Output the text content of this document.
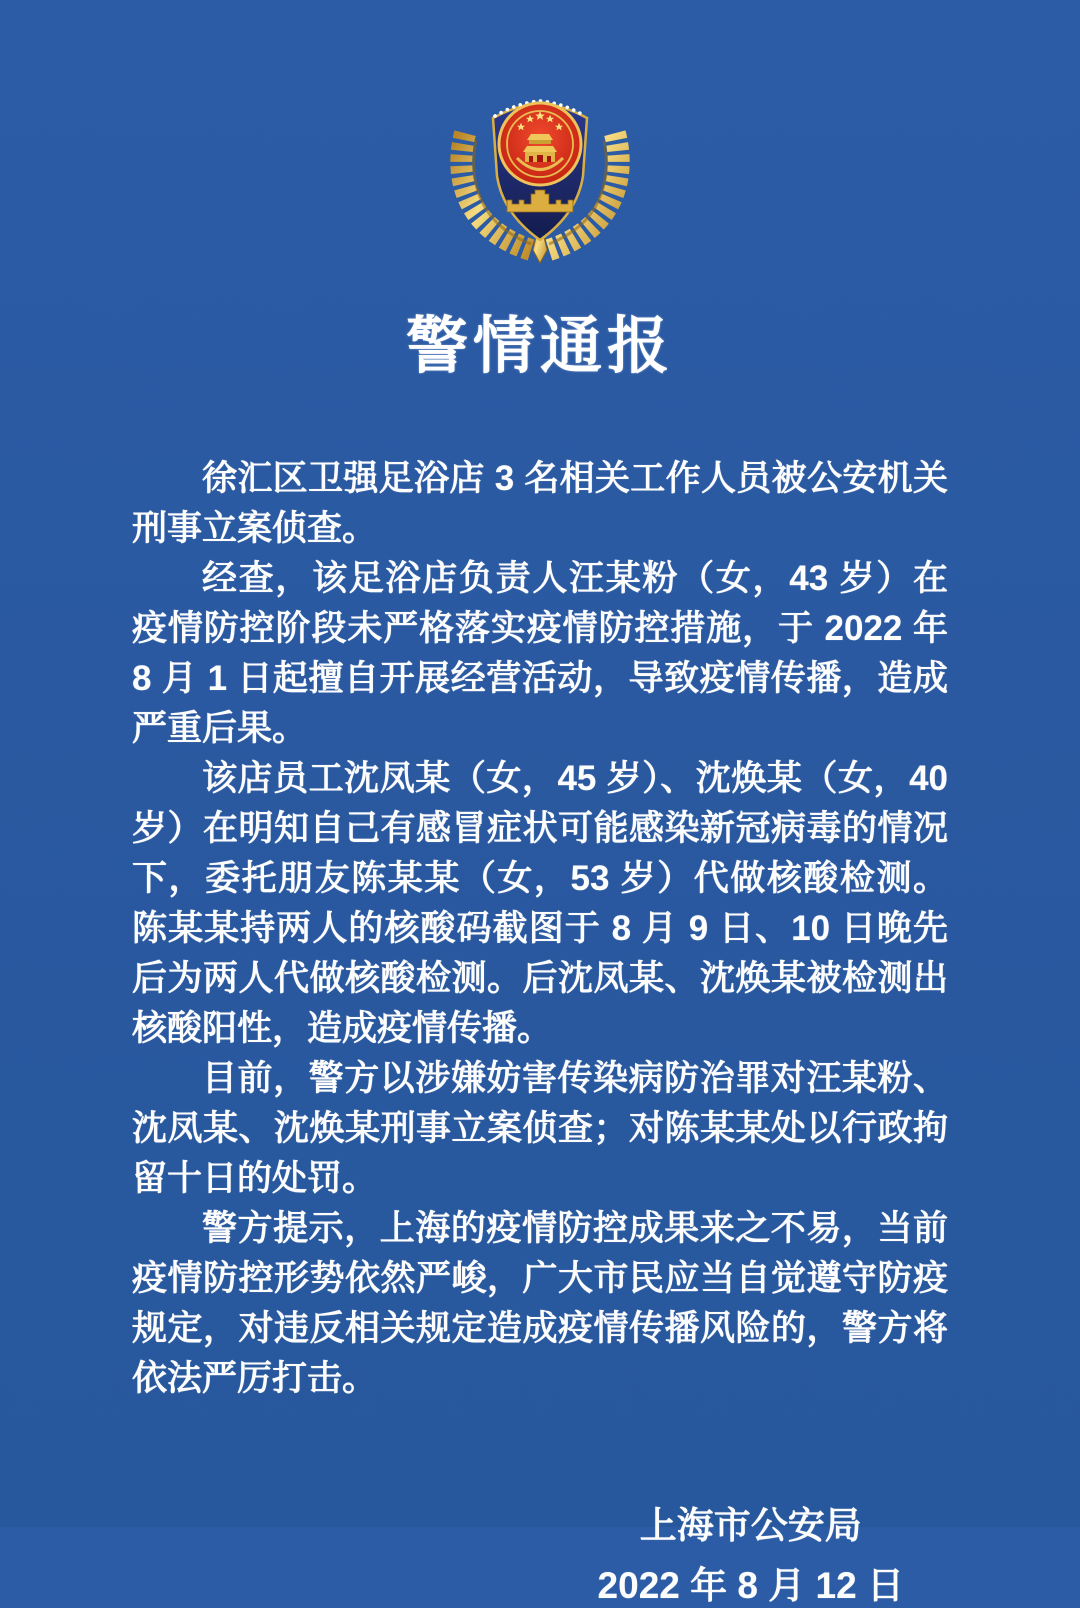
警情通报

徐汇区卫强足浴店 3 名相关工作人员被公安机关刑事立案侦查。

经查，该足浴店负责人汪某粉（女，43 岁）在疫情防控阶段未严格落实疫情防控措施，于 2022 年 8 月 1 日起擅自开展经营活动，导致疫情传播，造成严重后果。

该店员工沈凤某（女，45 岁）、沈焕某（女，40 岁）在明知自己有感冒症状可能感染新冠病毒的情况下，委托朋友陈某某（女，53 岁）代做核酸检测。陈某某持两人的核酸码截图于 8 月 9 日、10 日晚先后为两人代做核酸检测。后沈凤某、沈焕某被检测出核酸阳性，造成疫情传播。

目前，警方以涉嫌妨害传染病防治罪对汪某粉、沈凤某、沈焕某刑事立案侦查；对陈某某处以行政拘留十日的处罚。

警方提示，上海的疫情防控成果来之不易，当前疫情防控形势依然严峻，广大市民应当自觉遵守防疫规定，对违反相关规定造成疫情传播风险的，警方将依法严厉打击。

上海市公安局
2022 年 8 月 12 日
